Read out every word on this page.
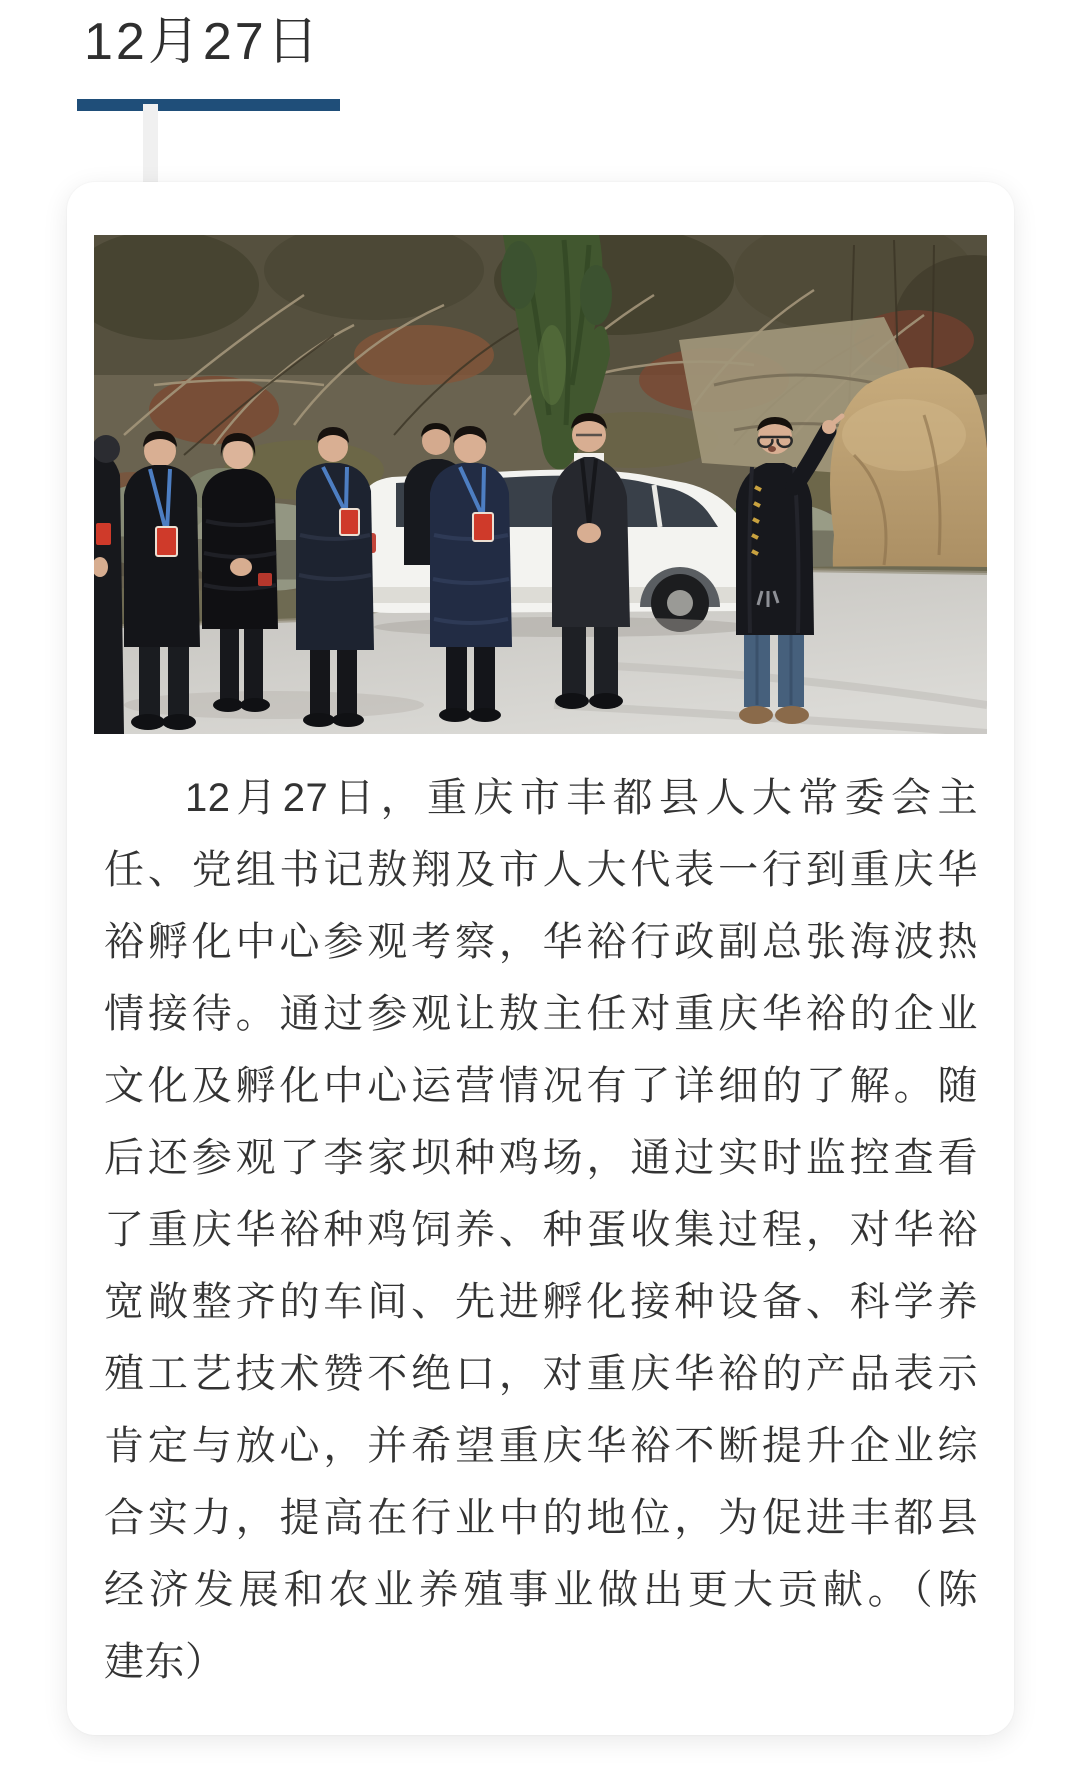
12月27日
12月27日，重庆市丰都县人大常委会主
任、党组书记敖翔及市人大代表一行到重庆华
裕孵化中心参观考察，华裕行政副总张海波热
情接待。通过参观让敖主任对重庆华裕的企业
文化及孵化中心运营情况有了详细的了解。随
后还参观了李家坝种鸡场，通过实时监控查看
了重庆华裕种鸡饲养、种蛋收集过程，对华裕
宽敞整齐的车间、先进孵化接种设备、科学养
殖工艺技术赞不绝口，对重庆华裕的产品表示
肯定与放心，并希望重庆华裕不断提升企业综
合实力，提高在行业中的地位，为促进丰都县
经济发展和农业养殖事业做出更大贡献。（陈
建东）
